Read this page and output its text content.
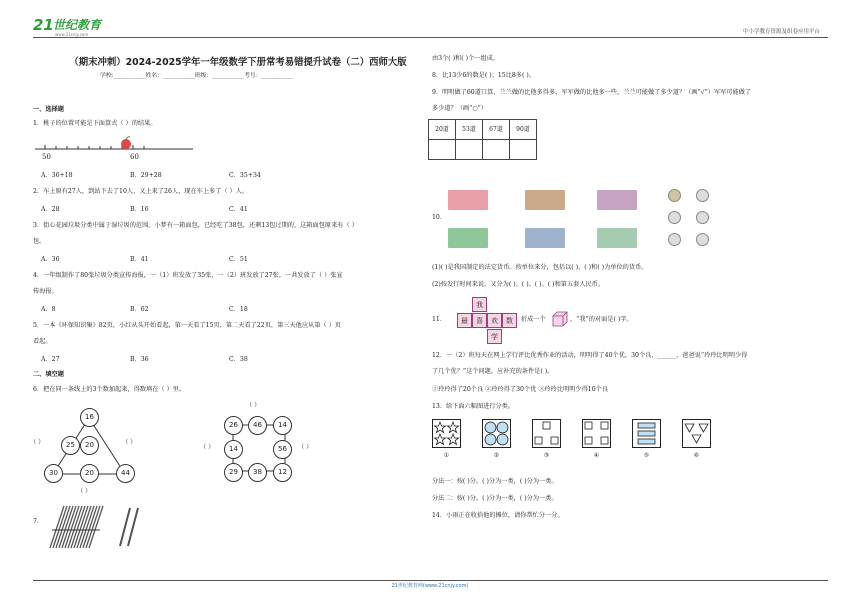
21 世纪教育
www.21cnjy.com	中小学教育资源及组卷应用平台
（期末冲刺）2024-2025学年一年级数学下册常考易错提升试卷（二）西师大版
学校:___________姓名：___________班级：___________考号：___________
一、选择题
1．桃子的位置可能是下面算式（ ）的结果。
50	60
A．36+18	B．29+28	C．35+34
2．车上原有27人，到站下去了10人，又上来了26人，现在车上多了（ ）人。
A．28	B．16	C．41
3．街心花园垃圾分类中属于湿垃圾的范围。小梦有一箱面包，已经吃了38包，还剩13包过期的，这箱面包原来有（ ）
包。
A．36	B．41	C．51
4．一年级制作了80张垃圾分类宣传海报，一（1）班发放了35张，一（2）班发放了27张。一共发放了（ ）张宣
传海报。
A．8	B．62	C．18
5．一本《环保知识集》82页，小红从头开始看起，第一天看了15页，第二天看了22页，第三天他应从第（ ）页
看起。
A．27	B．36	C．38
二、填空题
6．把在同一条线上的3个数加起来，得数填在（ ）里。
16
25	20
30	20	44
（ ）	（ ）
（ ）
26	46	14
14	56
29	38	12
（ ）
（ ）	（ ）
7．
由3个( )和( )个一组成。
8．比13少6的数是( )；15比8多( )。
9．明明做了60道口算，兰兰做的比他多得多，军军做的比他多一些，兰兰可能做了多少道？（画“√”）军军可能做了
多少道？（画“○”）
20道	53道	67道	90道

10．
(1)( )是我国制定的法定货币。按单位来分，包括以( )、( )和( )为单位的货币。
(2)按发行时间来说，又分为( )、( )、( )、( )和第五套人民币。
11．
我
最	喜	欢	数
学
折成一个	，“我”的对面是( )字。
12．一（2）班每天在网上学行评比优秀作业的活动，明明得了40个优，30个良，______，爸爸说“玲玲比明明少得
了几个优？”这个问题，应补充的条件是( )。
①玲玲得了20个良 ②玲玲得了30个优 ③玲玲比明明少得10个良
13．给下面六幅图进行分类。
①	②	③	④	⑤	⑥
分法一：按( )分。( )分为一类，( )分为一类。
分法二：按( )分。( )分为一类，( )分为一类。
14．小雨正在收拾他的摊位，请你帮忙分一分。
21世纪教育网(www.21cnjy.com)
